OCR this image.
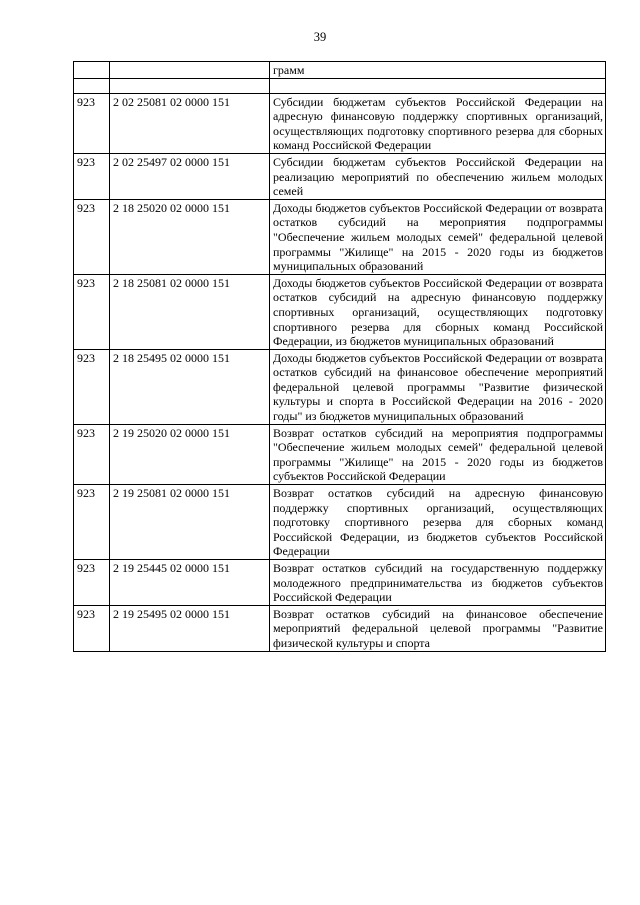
39
		грамм

923	2 02 25081 02 0000 151	Субсидии бюджетам субъектов Российской Федерации на адресную финансовую поддержку спортивных организаций, осуществляющих подготовку спортивного резерва для сборных команд Российской Федерации
923	2 02 25497 02 0000 151	Субсидии бюджетам субъектов Российской Федерации на реализацию мероприятий по обеспечению жильем молодых семей
923	2 18 25020 02 0000 151	Доходы бюджетов субъектов Российской Федерации от возврата остатков субсидий на мероприятия подпрограммы "Обеспечение жильем молодых семей" федеральной целевой программы "Жилище" на 2015 - 2020 годы из бюджетов муниципальных образований
923	2 18 25081 02 0000 151	Доходы бюджетов субъектов Российской Федерации от возврата остатков субсидий на адресную финансовую поддержку спортивных организаций, осуществляющих подготовку спортивного резерва для сборных команд Российской Федерации, из бюджетов муниципальных образований
923	2 18 25495 02 0000 151	Доходы бюджетов субъектов Российской Федерации от возврата остатков субсидий на финансовое обеспечение мероприятий федеральной целевой программы "Развитие физической культуры и спорта в Российской Федерации на 2016 - 2020 годы" из бюджетов муниципальных образований
923	2 19 25020 02 0000 151	Возврат остатков субсидий на мероприятия подпрограммы "Обеспечение жильем молодых семей" федеральной целевой программы "Жилище" на 2015 - 2020 годы из бюджетов субъектов Российской Федерации
923	2 19 25081 02 0000 151	Возврат остатков субсидий на адресную финансовую поддержку спортивных организаций, осуществляющих подготовку спортивного резерва для сборных команд Российской Федерации, из бюджетов субъектов Российской Федерации
923	2 19 25445 02 0000 151	Возврат остатков субсидий на государственную поддержку молодежного предпринимательства из бюджетов субъектов Российской Федерации
923	2 19 25495 02 0000 151	Возврат остатков субсидий на финансовое обеспечение мероприятий федеральной целевой программы "Развитие физической культуры и спорта
